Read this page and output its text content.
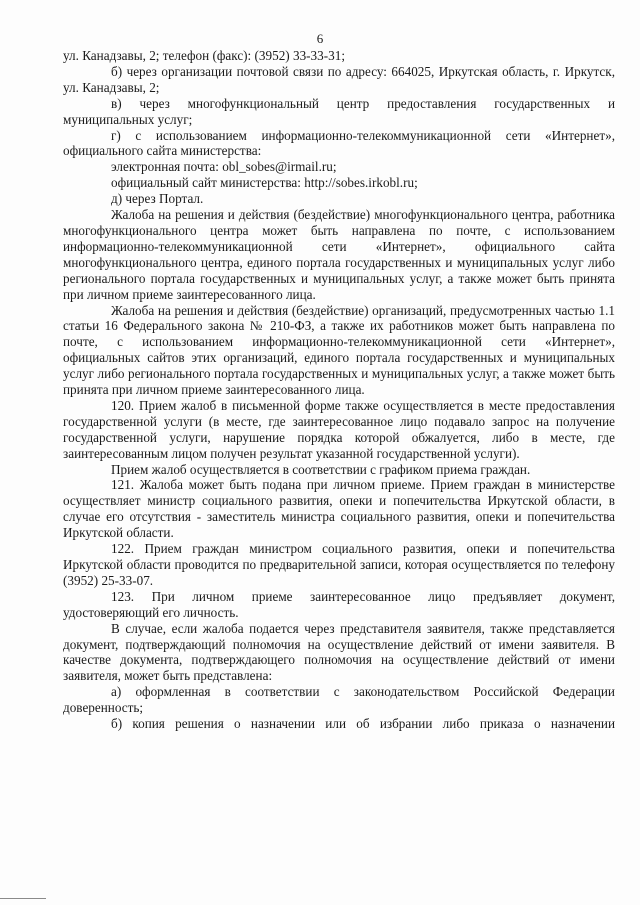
6

ул. Канадзавы, 2; телефон (факс): (3952) 33-33-31;

б) через организации почтовой связи по адресу: 664025, Иркутская область, г. Иркутск, ул. Канадзавы, 2;

в) через многофункциональный центр предоставления государственных и муниципальных услуг;

г) с использованием информационно-телекоммуникационной сети «Интернет», официального сайта министерства:

электронная почта: obl_sobes@irmail.ru;

официальный сайт министерства: http://sobes.irkobl.ru;

д) через Портал.

Жалоба на решения и действия (бездействие) многофункционального центра, работника многофункционального центра может быть направлена по почте, с использованием информационно-телекоммуникационной сети «Интернет», официального сайта многофункционального центра, единого портала государственных и муниципальных услуг либо регионального портала государственных и муниципальных услуг, а также может быть принята при личном приеме заинтересованного лица.

Жалоба на решения и действия (бездействие) организаций, предусмотренных частью 1.1 статьи 16 Федерального закона № 210-ФЗ, а также их работников может быть направлена по почте, с использованием информационно-телекоммуникационной сети «Интернет», официальных сайтов этих организаций, единого портала государственных и муниципальных услуг либо регионального портала государственных и муниципальных услуг, а также может быть принята при личном приеме заинтересованного лица.

120. Прием жалоб в письменной форме также осуществляется в месте предоставления государственной услуги (в месте, где заинтересованное лицо подавало запрос на получение государственной услуги, нарушение порядка которой обжалуется, либо в месте, где заинтересованным лицом получен результат указанной государственной услуги).

Прием жалоб осуществляется в соответствии с графиком приема граждан.

121. Жалоба может быть подана при личном приеме. Прием граждан в министерстве осуществляет министр социального развития, опеки и попечительства Иркутской области, в случае его отсутствия - заместитель министра социального развития, опеки и попечительства Иркутской области.

122. Прием граждан министром социального развития, опеки и попечительства Иркутской области проводится по предварительной записи, которая осуществляется по телефону (3952) 25-33-07.

123. При личном приеме заинтересованное лицо предъявляет документ, удостоверяющий его личность.

В случае, если жалоба подается через представителя заявителя, также представляется документ, подтверждающий полномочия на осуществление действий от имени заявителя. В качестве документа, подтверждающего полномочия на осуществление действий от имени заявителя, может быть представлена:

а) оформленная в соответствии с законодательством Российской Федерации доверенность;

б) копия решения о назначении или об избрании либо приказа о назначении
